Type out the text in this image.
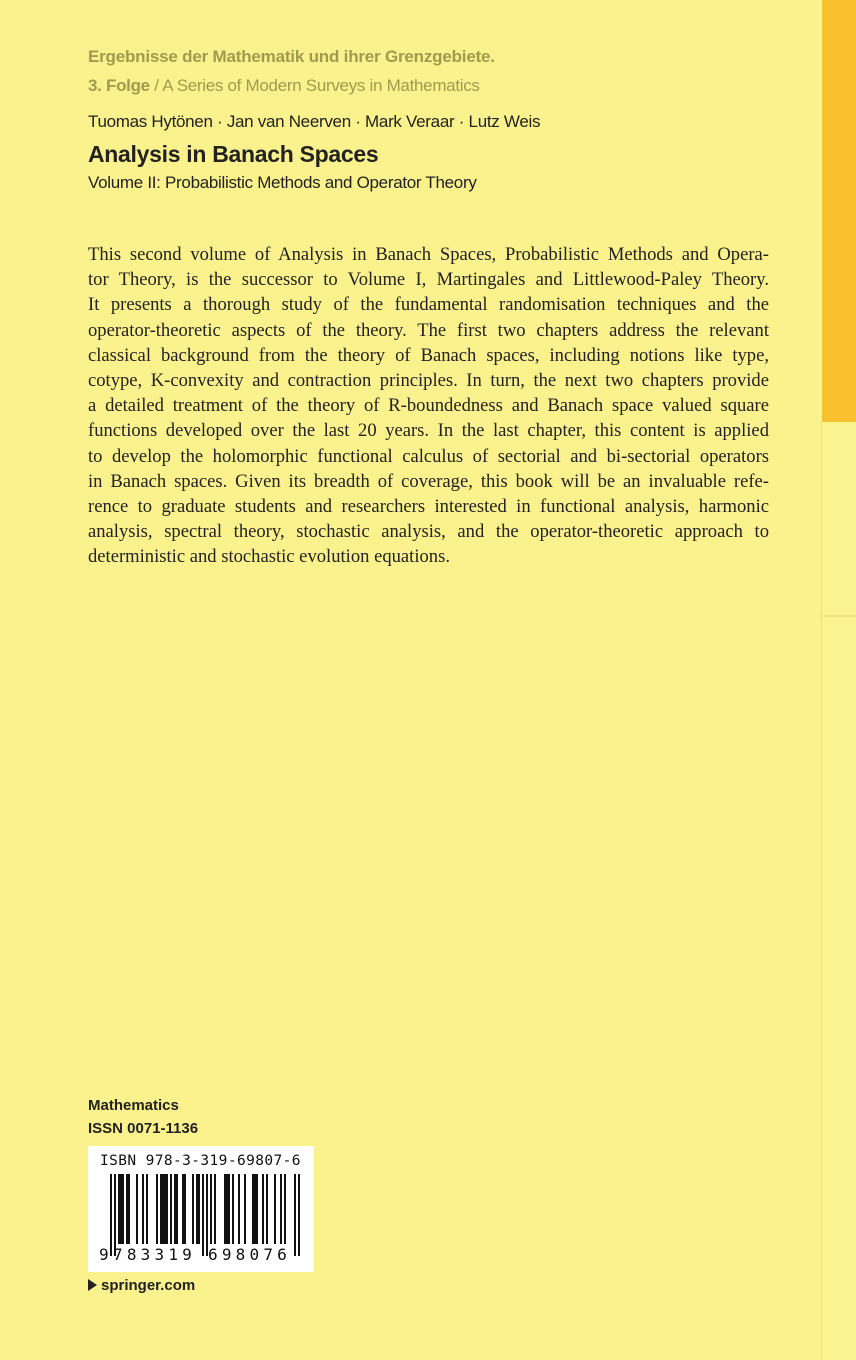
Ergebnisse der Mathematik und ihrer Grenzgebiete.
3. Folge / A Series of Modern Surveys in Mathematics
Tuomas Hytönen · Jan van Neerven · Mark Veraar · Lutz Weis
Analysis in Banach Spaces
Volume II: Probabilistic Methods and Operator Theory
This second volume of Analysis in Banach Spaces, Probabilistic Methods and Opera-
tor Theory, is the successor to Volume I, Martingales and Littlewood-Paley Theory.
It presents a thorough study of the fundamental randomisation techniques and the
operator-theoretic aspects of the theory. The first two chapters address the relevant
classical background from the theory of Banach spaces, including notions like type,
cotype, K-convexity and contraction principles. In turn, the next two chapters provide
a detailed treatment of the theory of R-boundedness and Banach space valued square
functions developed over the last 20 years. In the last chapter, this content is applied
to develop the holomorphic functional calculus of sectorial and bi-sectorial operators
in Banach spaces. Given its breadth of coverage, this book will be an invaluable refe-
rence to graduate students and researchers interested in functional analysis, harmonic
analysis, spectral theory, stochastic analysis, and the operator-theoretic approach to
deterministic and stochastic evolution equations.
Mathematics
ISSN 0071-1136
ISBN 978-3-319-69807-6
9 783319 698076
springer.com
